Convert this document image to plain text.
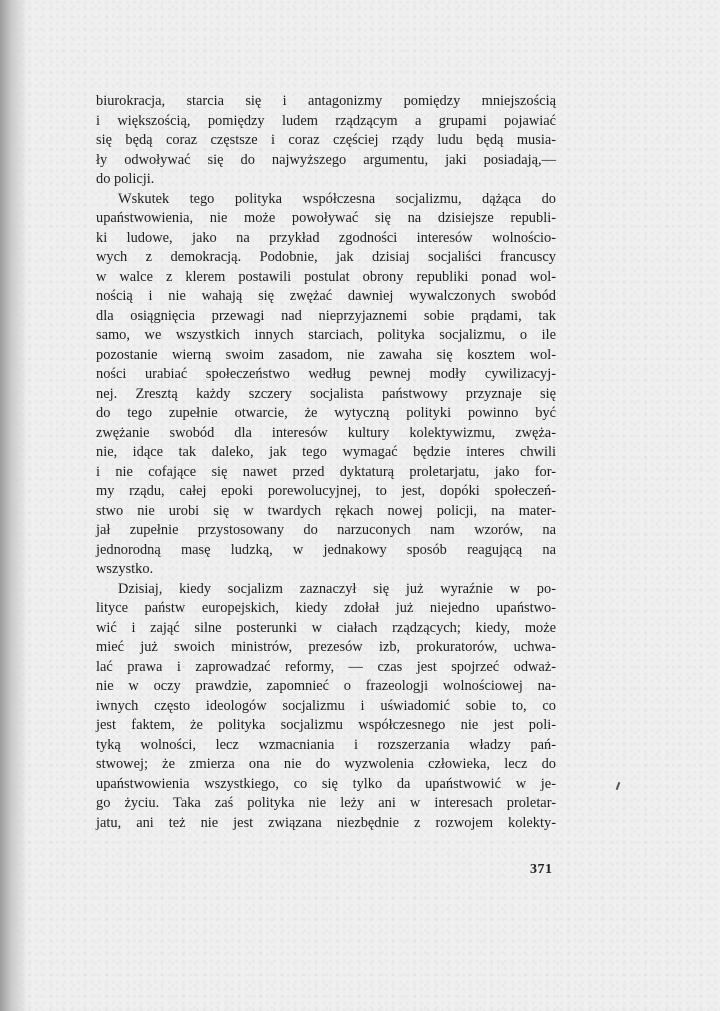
biurokracja, starcia się i antagonizmy pomiędzy mniejszością
i większością, pomiędzy ludem rządzącym a grupami pojawiać
się będą coraz częstsze i coraz częściej rządy ludu będą musia-
ły odwoływać się do najwyższego argumentu, jaki posiadają,—
do policji.
Wskutek tego polityka współczesna socjalizmu, dążąca do
upaństwowienia, nie może powoływać się na dzisiejsze republi-
ki ludowe, jako na przykład zgodności interesów wolnościo-
wych z demokracją. Podobnie, jak dzisiaj socjaliści francuscy
w walce z klerem postawili postulat obrony republiki ponad wol-
nością i nie wahają się zwężać dawniej wywalczonych swobód
dla osiągnięcia przewagi nad nieprzyjaznemi sobie prądami, tak
samo, we wszystkich innych starciach, polityka socjalizmu, o ile
pozostanie wierną swoim zasadom, nie zawaha się kosztem wol-
ności urabiać społeczeństwo według pewnej modły cywilizacyj-
nej. Zresztą każdy szczery socjalista państwowy przyznaje się
do tego zupełnie otwarcie, że wytyczną polityki powinno być
zwężanie swobód dla interesów kultury kolektywizmu, zwęża-
nie, idące tak daleko, jak tego wymagać będzie interes chwili
i nie cofające się nawet przed dyktaturą proletarjatu, jako for-
my rządu, całej epoki porewolucyjnej, to jest, dopóki społeczeń-
stwo nie urobi się w twardych rękach nowej policji, na mater-
jał zupełnie przystosowany do narzuconych nam wzorów, na
jednorodną masę ludzką, w jednakowy sposób reagującą na
wszystko.
Dzisiaj, kiedy socjalizm zaznaczył się już wyraźnie w po-
lityce państw europejskich, kiedy zdołał już niejedno upaństwo-
wić i zająć silne posterunki w ciałach rządzących; kiedy, może
mieć już swoich ministrów, prezesów izb, prokuratorów, uchwa-
lać prawa i zaprowadzać reformy, — czas jest spojrzeć odważ-
nie w oczy prawdzie, zapomnieć o frazeologji wolnościowej na-
iwnych często ideologów socjalizmu i uświadomić sobie to, co
jest faktem, że polityka socjalizmu współczesnego nie jest poli-
tyką wolności, lecz wzmacniania i rozszerzania władzy pań-
stwowej; że zmierza ona nie do wyzwolenia człowieka, lecz do
upaństwowienia wszystkiego, co się tylko da upaństwowić w je-
go życiu. Taka zaś polityka nie leży ani w interesach proletar-
jatu, ani też nie jest związana niezbędnie z rozwojem kolekty-
371
